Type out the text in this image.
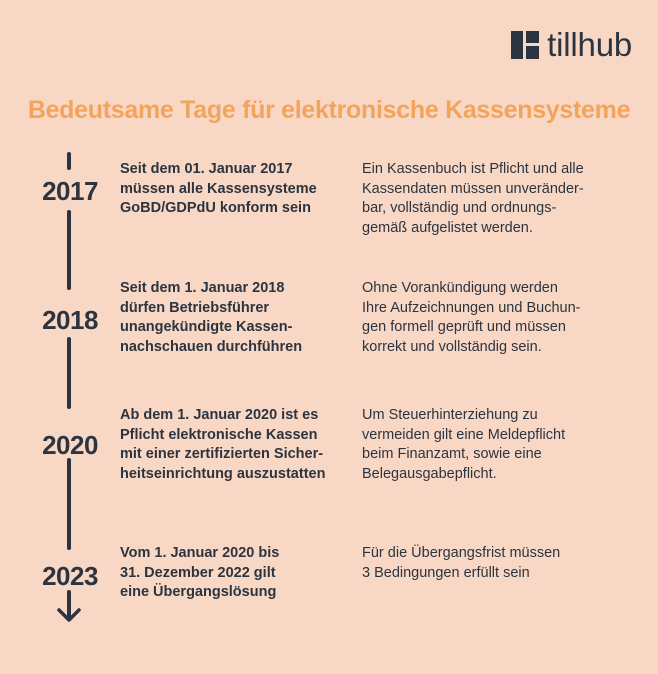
tillhub
Bedeutsame Tage für elektronische Kassensysteme
2017
2018
2020
2023
Seit dem 01. Januar 2017
müssen alle Kassensysteme
GoBD/GDPdU konform sein
Ein Kassenbuch ist Pflicht und alle
Kassendaten müssen unveränder-
bar, vollständig und ordnungs-
gemäß aufgelistet werden.
Seit dem 1. Januar 2018
dürfen Betriebsführer
unangekündigte Kassen-
nachschauen durchführen
Ohne Vorankündigung werden
Ihre Aufzeichnungen und Buchun-
gen formell geprüft und müssen
korrekt und vollständig sein.
Ab dem 1. Januar 2020 ist es
Pflicht elektronische Kassen
mit einer zertifizierten Sicher-
heitseinrichtung auszustatten
Um Steuerhinterziehung zu
vermeiden gilt eine Meldepflicht
beim Finanzamt, sowie eine
Belegausgabepflicht.
Vom 1. Januar 2020 bis
31. Dezember 2022 gilt
eine Übergangslösung
Für die Übergangsfrist müssen
3 Bedingungen erfüllt sein
